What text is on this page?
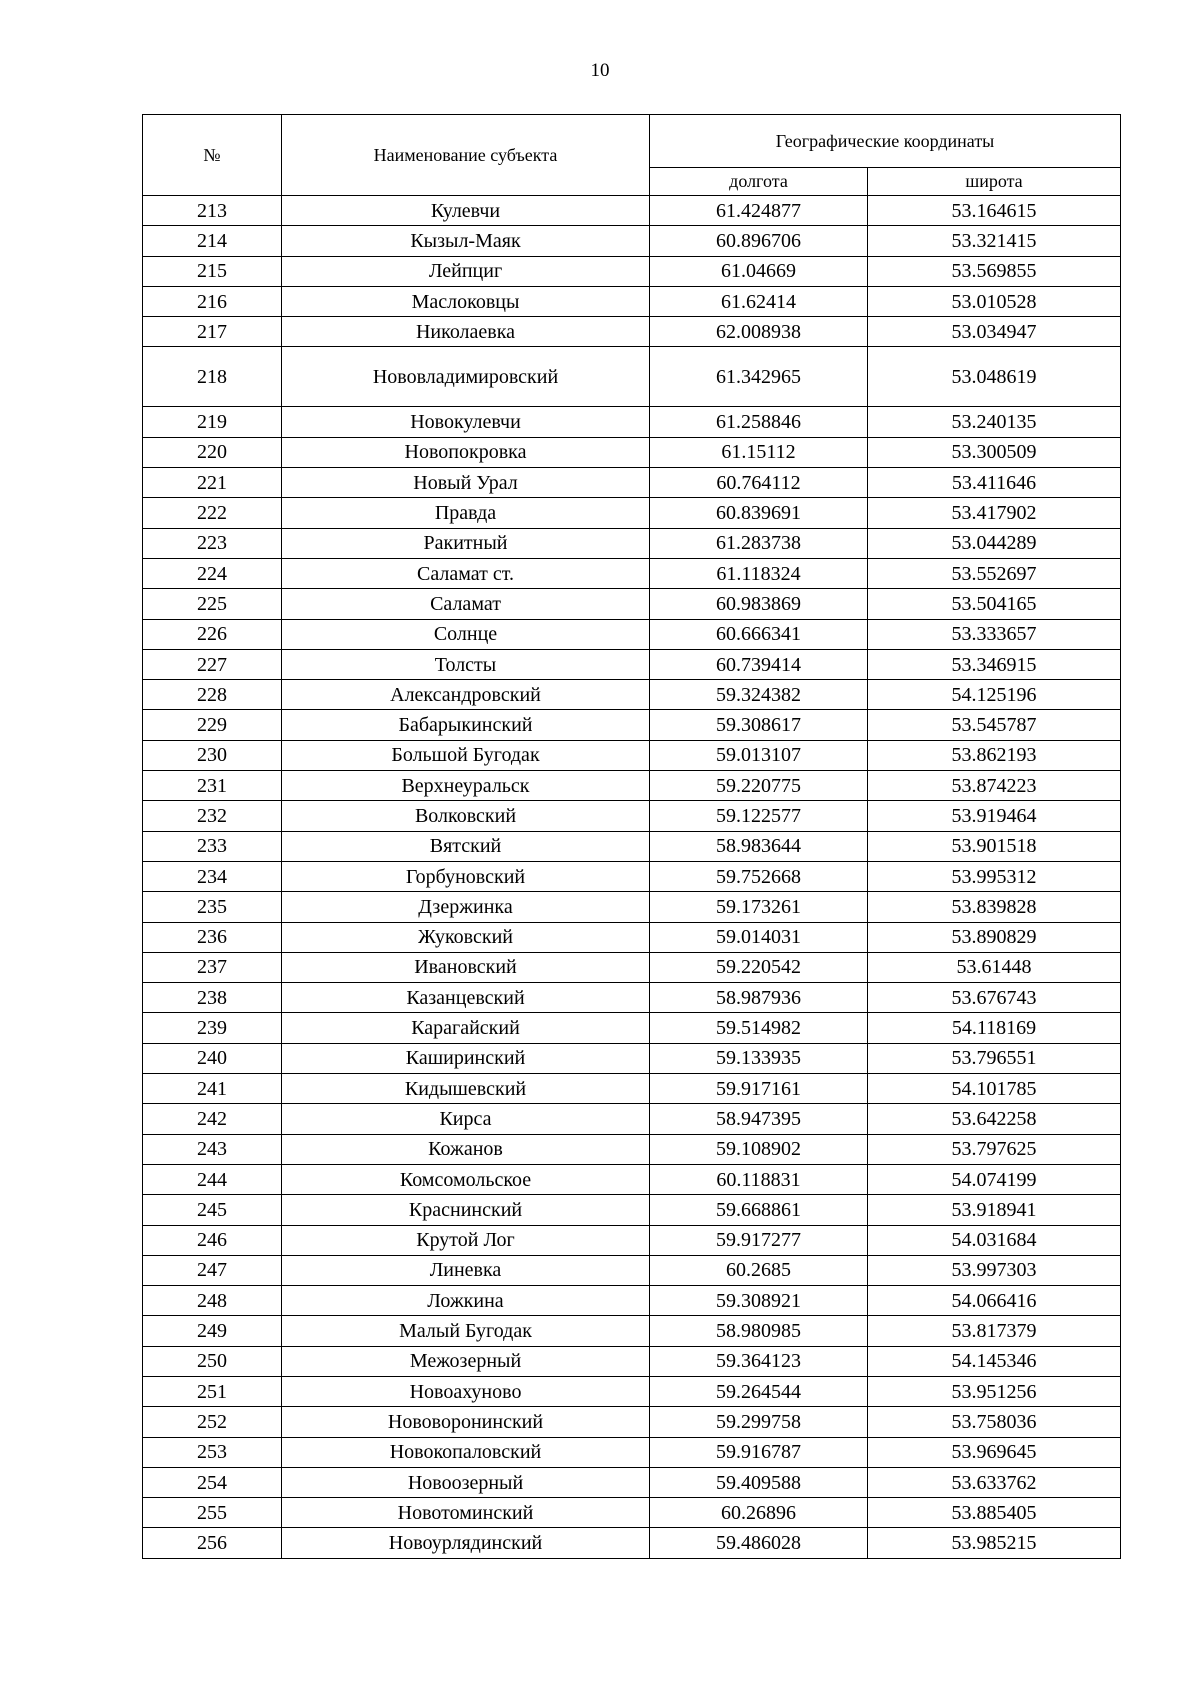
10
№	Наименование субъекта	Географические координаты	
		долгота	широта
213	Кулевчи	61.424877	53.164615
214	Кызыл-Маяк	60.896706	53.321415
215	Лейпциг	61.04669	53.569855
216	Маслоковцы	61.62414	53.010528
217	Николаевка	62.008938	53.034947
218	Нововладимировский	61.342965	53.048619
219	Новокулевчи	61.258846	53.240135
220	Новопокровка	61.15112	53.300509
221	Новый Урал	60.764112	53.411646
222	Правда	60.839691	53.417902
223	Ракитный	61.283738	53.044289
224	Саламат ст.	61.118324	53.552697
225	Саламат	60.983869	53.504165
226	Солнце	60.666341	53.333657
227	Толсты	60.739414	53.346915
228	Александровский	59.324382	54.125196
229	Бабарыкинский	59.308617	53.545787
230	Большой Бугодак	59.013107	53.862193
231	Верхнеуральск	59.220775	53.874223
232	Волковский	59.122577	53.919464
233	Вятский	58.983644	53.901518
234	Горбуновский	59.752668	53.995312
235	Дзержинка	59.173261	53.839828
236	Жуковский	59.014031	53.890829
237	Ивановский	59.220542	53.61448
238	Казанцевский	58.987936	53.676743
239	Карагайский	59.514982	54.118169
240	Каширинский	59.133935	53.796551
241	Кидышевский	59.917161	54.101785
242	Кирса	58.947395	53.642258
243	Кожанов	59.108902	53.797625
244	Комсомольское	60.118831	54.074199
245	Краснинский	59.668861	53.918941
246	Крутой Лог	59.917277	54.031684
247	Линевка	60.2685	53.997303
248	Ложкина	59.308921	54.066416
249	Малый Бугодак	58.980985	53.817379
250	Межозерный	59.364123	54.145346
251	Новоахуново	59.264544	53.951256
252	Нововоронинский	59.299758	53.758036
253	Новокопаловский	59.916787	53.969645
254	Новоозерный	59.409588	53.633762
255	Новотоминский	60.26896	53.885405
256	Новоурлядинский	59.486028	53.985215
